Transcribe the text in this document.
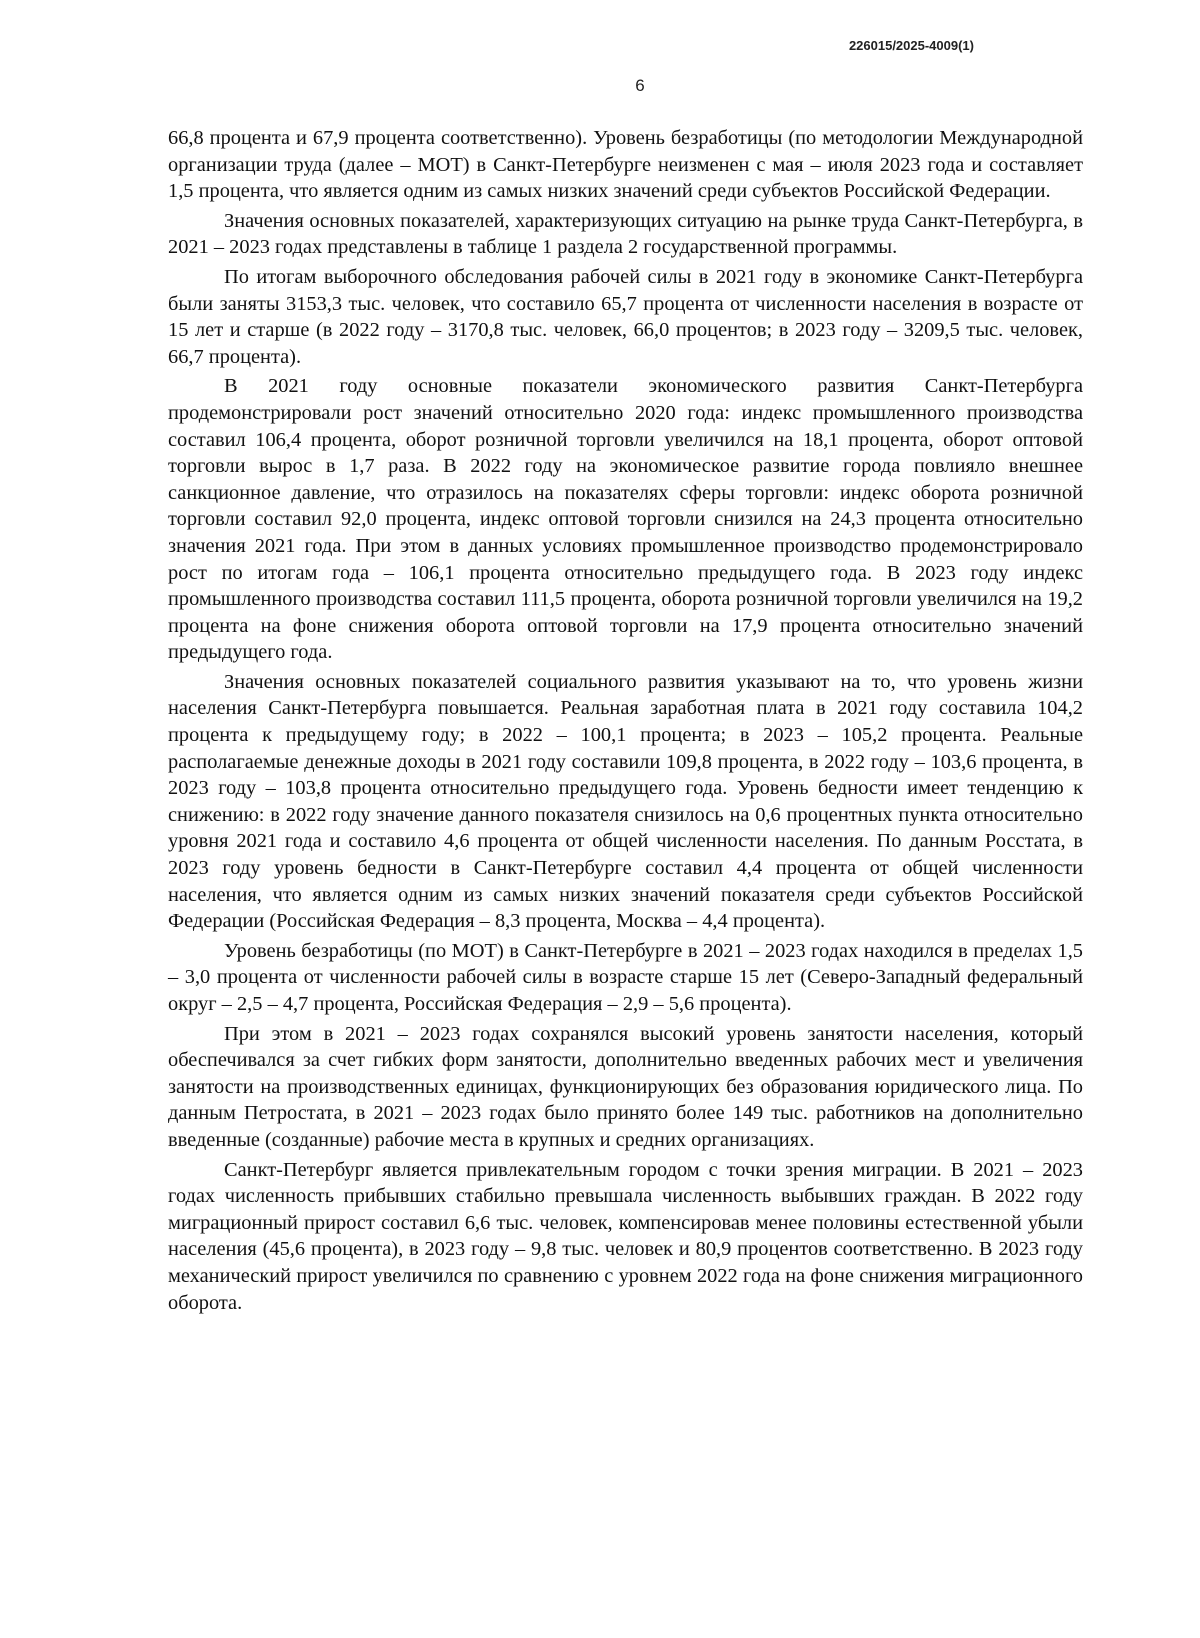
226015/2025-4009(1)
6

66,8 процента и 67,9 процента соответственно). Уровень безработицы (по методологии Международной организации труда (далее – МОТ) в Санкт-Петербурге неизменен с мая – июля 2023 года и составляет 1,5 процента, что является одним из самых низких значений среди субъектов Российской Федерации.

Значения основных показателей, характеризующих ситуацию на рынке труда Санкт-Петербурга, в 2021 – 2023 годах представлены в таблице 1 раздела 2 государственной программы.

По итогам выборочного обследования рабочей силы в 2021 году в экономике Санкт-Петербурга были заняты 3153,3 тыс. человек, что составило 65,7 процента от численности населения в возрасте от 15 лет и старше (в 2022 году – 3170,8 тыс. человек, 66,0 процентов; в 2023 году – 3209,5 тыс. человек, 66,7 процента).

В 2021 году основные показатели экономического развития Санкт-Петербурга продемонстрировали рост значений относительно 2020 года: индекс промышленного производства составил 106,4 процента, оборот розничной торговли увеличился на 18,1 процента, оборот оптовой торговли вырос в 1,7 раза. В 2022 году на экономическое развитие города повлияло внешнее санкционное давление, что отразилось на показателях сферы торговли: индекс оборота розничной торговли составил 92,0 процента, индекс оптовой торговли снизился на 24,3 процента относительно значения 2021 года. При этом в данных условиях промышленное производство продемонстрировало рост по итогам года – 106,1 процента относительно предыдущего года. В 2023 году индекс промышленного производства составил 111,5 процента, оборота розничной торговли увеличился на 19,2 процента на фоне снижения оборота оптовой торговли на 17,9 процента относительно значений предыдущего года.

Значения основных показателей социального развития указывают на то, что уровень жизни населения Санкт-Петербурга повышается. Реальная заработная плата в 2021 году составила 104,2 процента к предыдущему году; в 2022 – 100,1 процента; в 2023 – 105,2 процента. Реальные располагаемые денежные доходы в 2021 году составили 109,8 процента, в 2022 году – 103,6 процента, в 2023 году – 103,8 процента относительно предыдущего года. Уровень бедности имеет тенденцию к снижению: в 2022 году значение данного показателя снизилось на 0,6 процентных пункта относительно уровня 2021 года и составило 4,6 процента от общей численности населения. По данным Росстата, в 2023 году уровень бедности в Санкт-Петербурге составил 4,4 процента от общей численности населения, что является одним из самых низких значений показателя среди субъектов Российской Федерации (Российская Федерация – 8,3 процента, Москва – 4,4 процента).

Уровень безработицы (по МОТ) в Санкт-Петербурге в 2021 – 2023 годах находился в пределах 1,5 – 3,0 процента от численности рабочей силы в возрасте старше 15 лет (Северо-Западный федеральный округ – 2,5 – 4,7 процента, Российская Федерация – 2,9 – 5,6 процента).

При этом в 2021 – 2023 годах сохранялся высокий уровень занятости населения, который обеспечивался за счет гибких форм занятости, дополнительно введенных рабочих мест и увеличения занятости на производственных единицах, функционирующих без образования юридического лица. По данным Петростата, в 2021 – 2023 годах было принято более 149 тыс. работников на дополнительно введенные (созданные) рабочие места в крупных и средних организациях.

Санкт-Петербург является привлекательным городом с точки зрения миграции. В 2021 – 2023 годах численность прибывших стабильно превышала численность выбывших граждан. В 2022 году миграционный прирост составил 6,6 тыс. человек, компенсировав менее половины естественной убыли населения (45,6 процента), в 2023 году – 9,8 тыс. человек и 80,9 процентов соответственно. В 2023 году механический прирост увеличился по сравнению с уровнем 2022 года на фоне снижения миграционного оборота.
